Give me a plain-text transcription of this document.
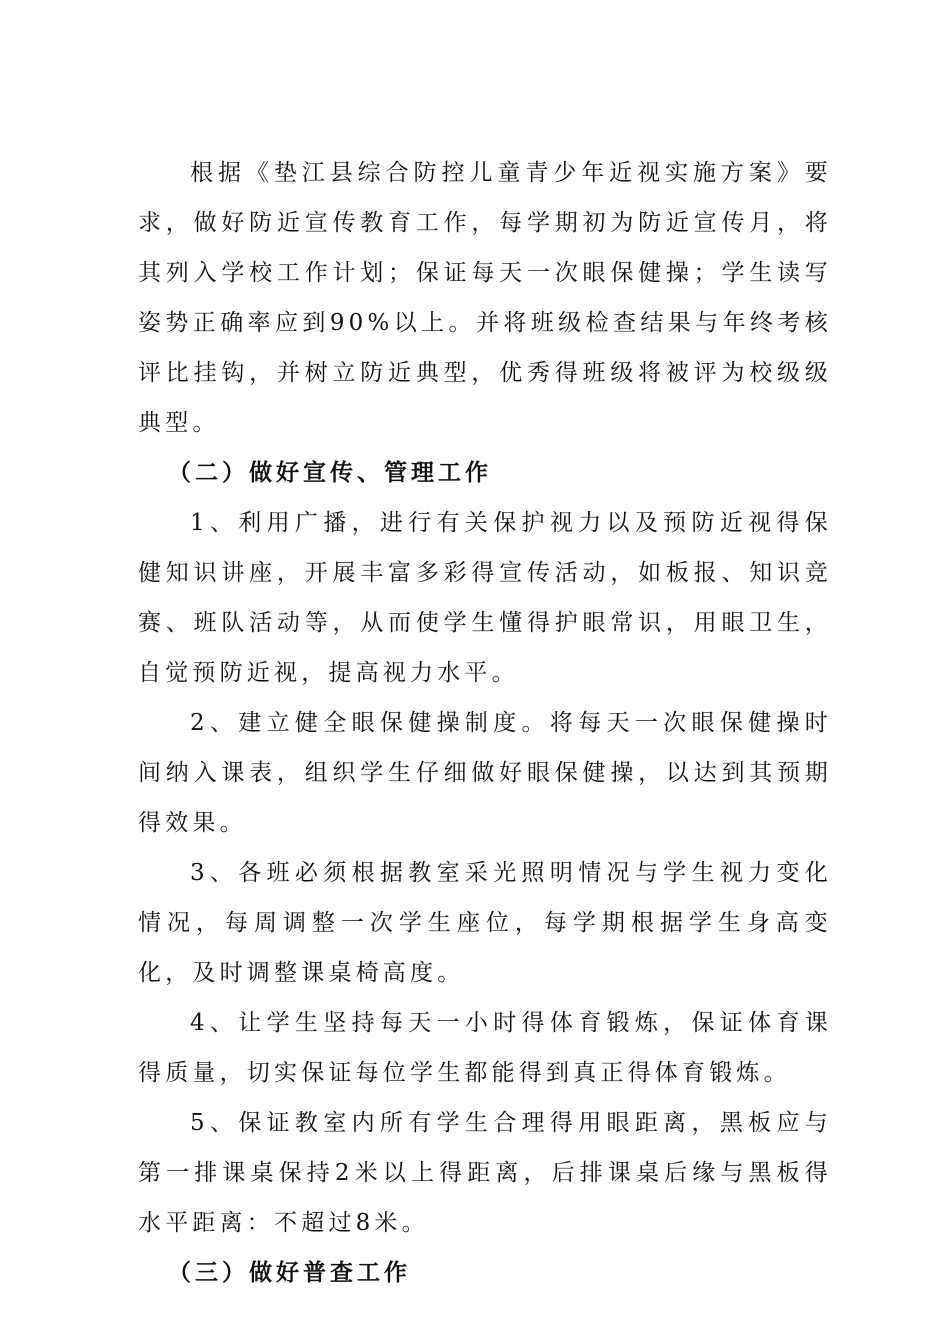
根据《垫江县综合防控儿童青少年近视实施方案》要求，做好防近宣传教育工作，每学期初为防近宣传月，将其列入学校工作计划；保证每天一次眼保健操；学生读写姿势正确率应到90%以上。并将班级检查结果与年终考核评比挂钩，并树立防近典型，优秀得班级将被评为校级级典型。

（二）做好宣传、管理工作

1、利用广播，进行有关保护视力以及预防近视得保健知识讲座，开展丰富多彩得宣传活动，如板报、知识竞赛、班队活动等，从而使学生懂得护眼常识，用眼卫生，自觉预防近视，提高视力水平。

2、建立健全眼保健操制度。将每天一次眼保健操时间纳入课表，组织学生仔细做好眼保健操，以达到其预期得效果。

3、各班必须根据教室采光照明情况与学生视力变化情况，每周调整一次学生座位，每学期根据学生身高变化，及时调整课桌椅高度。

4、让学生坚持每天一小时得体育锻炼，保证体育课得质量，切实保证每位学生都能得到真正得体育锻炼。

5、保证教室内所有学生合理得用眼距离，黑板应与第一排课桌保持2米以上得距离，后排课桌后缘与黑板得水平距离：不超过8米。

（三）做好普查工作
